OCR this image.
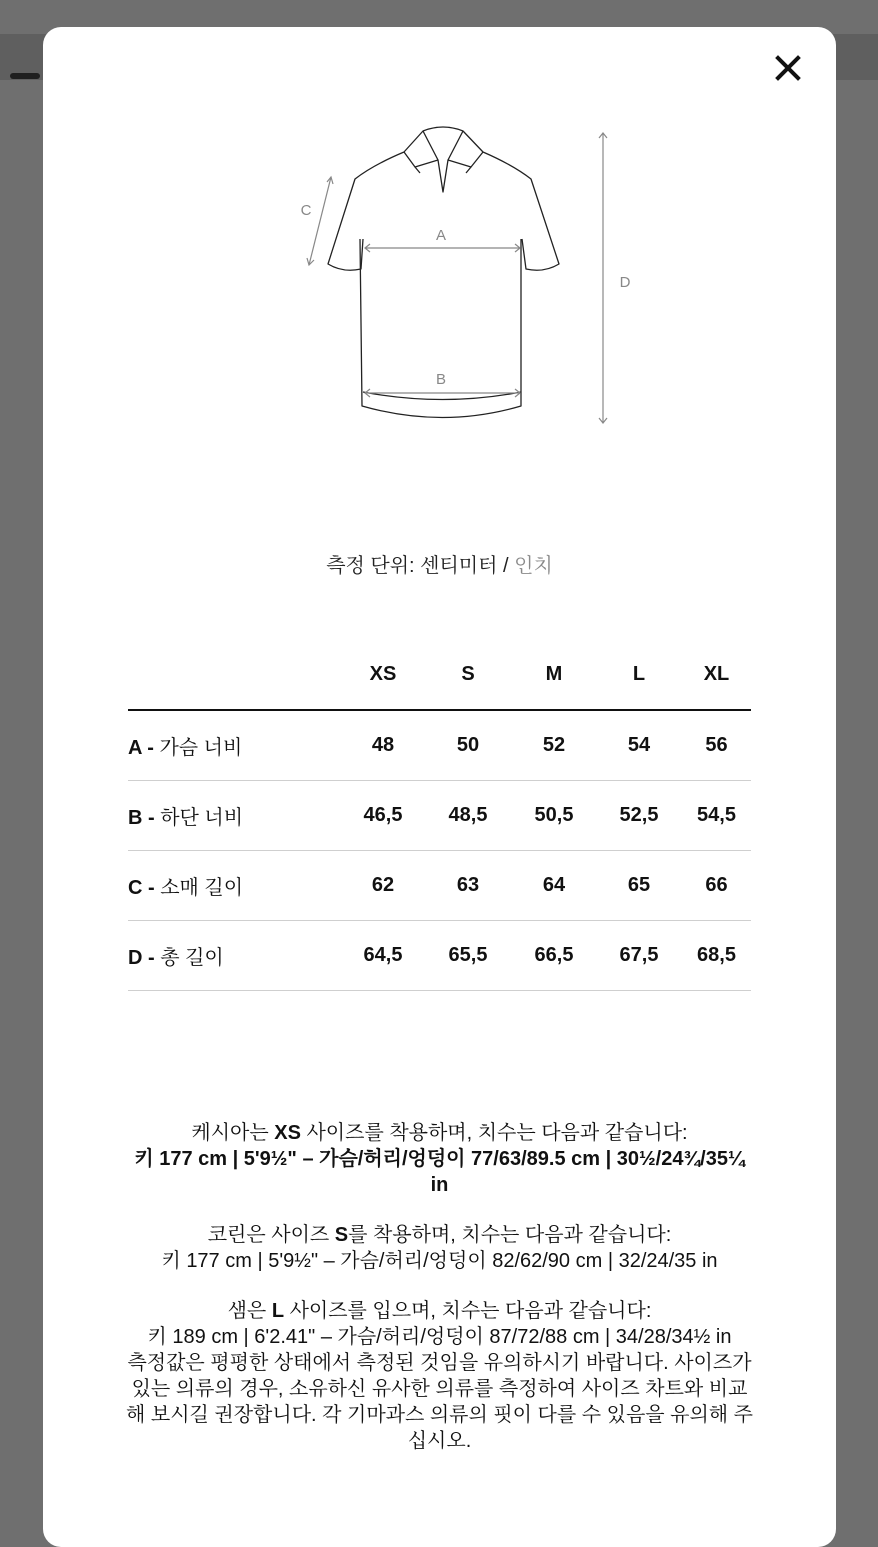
A
B
C
D
측정 단위: 센티미터 / 인치
	XS	S	M	L	XL
A - 가슴 너비	48	50	52	54	56
B - 하단 너비	46,5	48,5	50,5	52,5	54,5
C - 소매 길이	62	63	64	65	66
D - 총 길이	64,5	65,5	66,5	67,5	68,5

케시아는 XS 사이즈를 착용하며, 치수는 다음과 같습니다:
키 177 cm | 5'9½" – 가슴/허리/엉덩이 77/63/89.5 cm | 30½/24¾/35¼ in

코린은 사이즈 S를 착용하며, 치수는 다음과 같습니다:
키 177 cm | 5'9½" – 가슴/허리/엉덩이 82/62/90 cm | 32/24/35 in

샘은 L 사이즈를 입으며, 치수는 다음과 같습니다:
키 189 cm | 6'2.41" – 가슴/허리/엉덩이 87/72/88 cm | 34/28/34½ in

측정값은 평평한 상태에서 측정된 것임을 유의하시기 바랍니다. 사이즈가 있는 의류의 경우, 소유하신 유사한 의류를 측정하여 사이즈 차트와 비교해 보시길 권장합니다. 각 기마과스 의류의 핏이 다를 수 있음을 유의해 주십시오.
